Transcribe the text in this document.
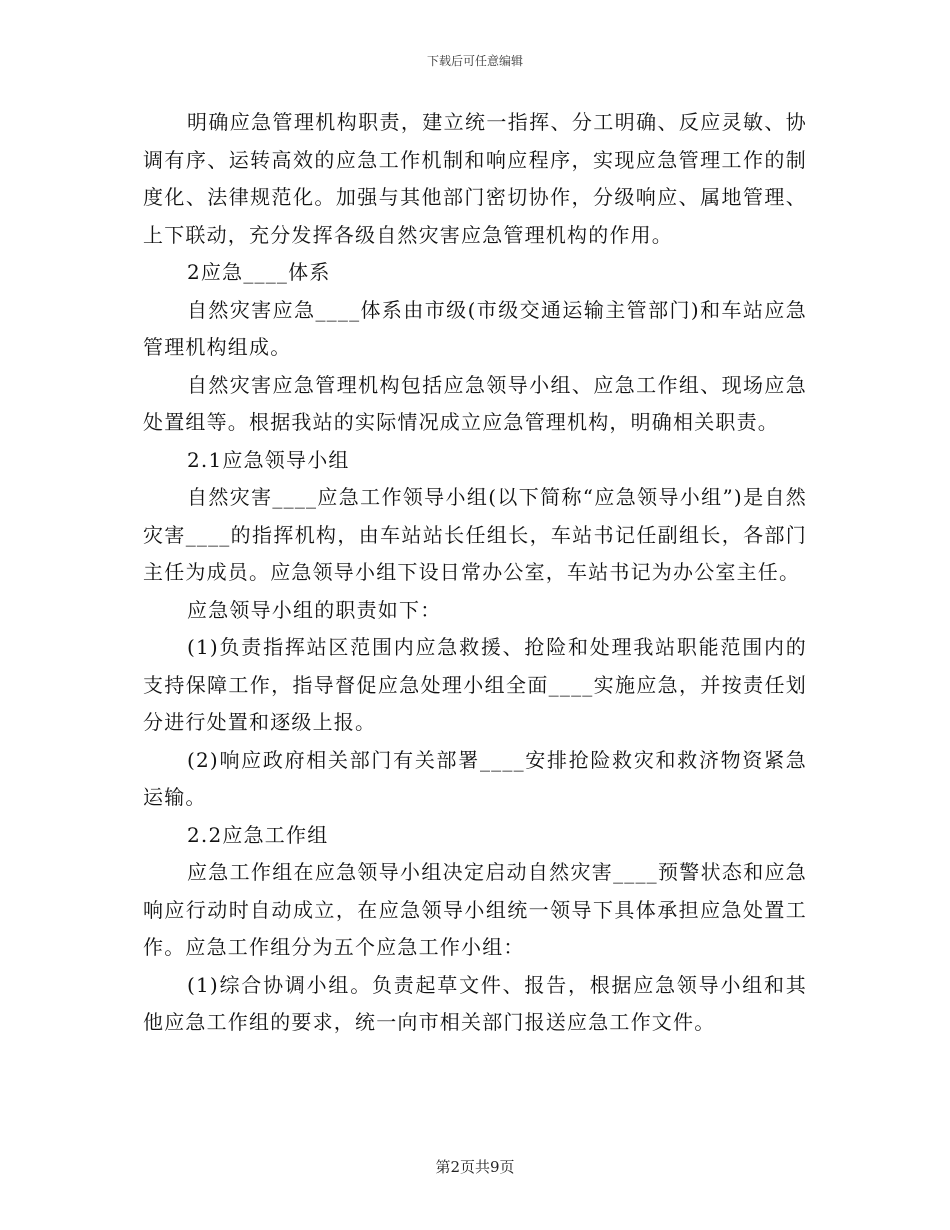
下载后可任意编辑

明确应急管理机构职责，建立统一指挥、分工明确、反应灵敏、协调有序、运转高效的应急工作机制和响应程序，实现应急管理工作的制度化、法律规范化。加强与其他部门密切协作，分级响应、属地管理、上下联动，充分发挥各级自然灾害应急管理机构的作用。

2应急____体系

自然灾害应急____体系由市级(市级交通运输主管部门)和车站应急管理机构组成。

自然灾害应急管理机构包括应急领导小组、应急工作组、现场应急处置组等。根据我站的实际情况成立应急管理机构，明确相关职责。

2.1应急领导小组

自然灾害____应急工作领导小组(以下简称“应急领导小组”)是自然灾害____的指挥机构，由车站站长任组长，车站书记任副组长，各部门主任为成员。应急领导小组下设日常办公室，车站书记为办公室主任。

应急领导小组的职责如下：

(1)负责指挥站区范围内应急救援、抢险和处理我站职能范围内的支持保障工作，指导督促应急处理小组全面____实施应急，并按责任划分进行处置和逐级上报。

(2)响应政府相关部门有关部署____安排抢险救灾和救济物资紧急运输。

2.2应急工作组

应急工作组在应急领导小组决定启动自然灾害____预警状态和应急响应行动时自动成立，在应急领导小组统一领导下具体承担应急处置工作。应急工作组分为五个应急工作小组：

(1)综合协调小组。负责起草文件、报告，根据应急领导小组和其他应急工作组的要求，统一向市相关部门报送应急工作文件。

第2页共9页
